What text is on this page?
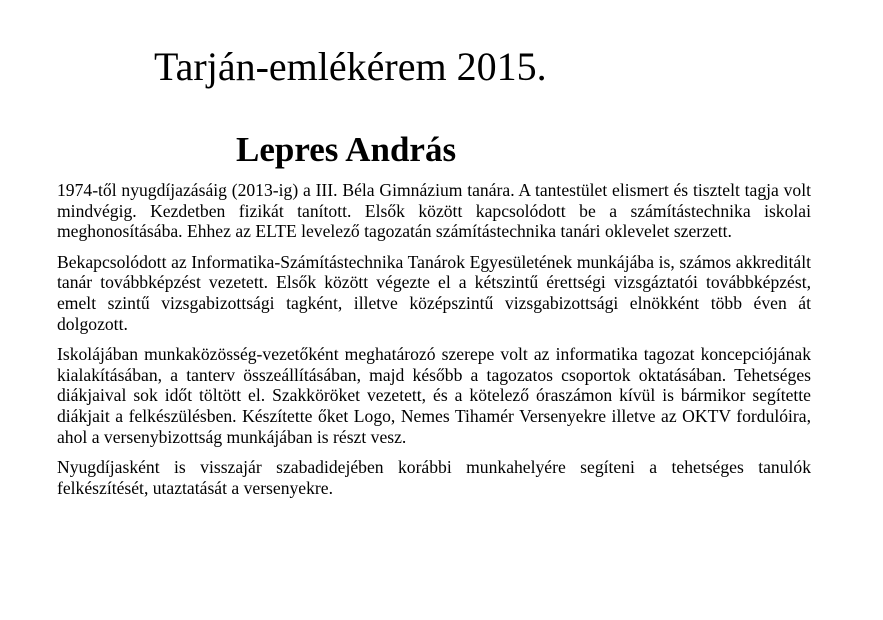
Tarján-emlékérem 2015.
Lepres András

1974-től nyugdíjazásáig (2013-ig) a III. Béla Gimnázium tanára. A tantestület elismert és tisztelt tagja volt mindvégig. Kezdetben fizikát tanított. Elsők között kapcsolódott be a számítástechnika iskolai meghonosításába. Ehhez az ELTE levelező tagozatán számítástechnika tanári oklevelet szerzett.

Bekapcsolódott az Informatika-Számítástechnika Tanárok Egyesületének munkájába is, számos akkreditált tanár továbbképzést vezetett. Elsők között végezte el a kétszintű érettségi vizsgáztatói továbbképzést, emelt szintű vizsgabizottsági tagként, illetve középszintű vizsgabizottsági elnökként több éven át dolgozott.

Iskolájában munkaközösség-vezetőként meghatározó szerepe volt az informatika tagozat koncepciójának kialakításában, a tanterv összeállításában, majd később a tagozatos csoportok oktatásában. Tehetséges diákjaival sok időt töltött el. Szakköröket vezetett, és a kötelező óraszámon kívül is bármikor segítette diákjait a felkészülésben. Készítette őket Logo, Nemes Tihamér Versenyekre illetve az OKTV fordulóira, ahol a versenybizottság munkájában is részt vesz.

Nyugdíjasként is visszajár szabadidejében korábbi munkahelyére segíteni a tehetséges tanulók felkészítését, utaztatását a versenyekre.
